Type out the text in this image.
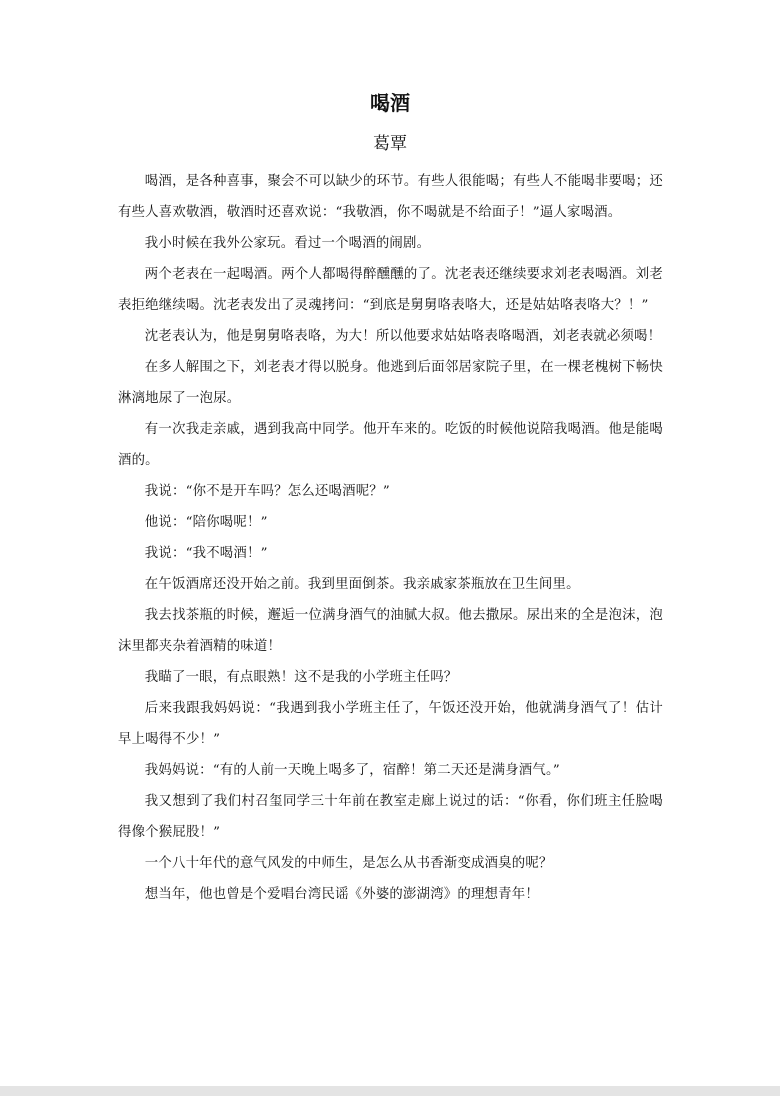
喝酒
葛覃

喝酒，是各种喜事，聚会不可以缺少的环节。有些人很能喝；有些人不能喝非要喝；还有些人喜欢敬酒，敬酒时还喜欢说：“我敬酒，你不喝就是不给面子！”逼人家喝酒。

我小时候在我外公家玩。看过一个喝酒的闹剧。

两个老表在一起喝酒。两个人都喝得醉醺醺的了。沈老表还继续要求刘老表喝酒。刘老表拒绝继续喝。沈老表发出了灵魂拷问：“到底是舅舅咯表咯大，还是姑姑咯表咯大？！”

沈老表认为，他是舅舅咯表咯，为大！所以他要求姑姑咯表咯喝酒，刘老表就必须喝！

在多人解围之下，刘老表才得以脱身。他逃到后面邻居家院子里，在一棵老槐树下畅快淋漓地尿了一泡尿。

有一次我走亲戚，遇到我高中同学。他开车来的。吃饭的时候他说陪我喝酒。他是能喝酒的。

我说：“你不是开车吗？怎么还喝酒呢？”

他说：“陪你喝呢！”

我说：“我不喝酒！”

在午饭酒席还没开始之前。我到里面倒茶。我亲戚家茶瓶放在卫生间里。

我去找茶瓶的时候，邂逅一位满身酒气的油腻大叔。他去撒尿。尿出来的全是泡沫，泡沫里都夹杂着酒精的味道！

我瞄了一眼，有点眼熟！这不是我的小学班主任吗？

后来我跟我妈妈说：“我遇到我小学班主任了，午饭还没开始，他就满身酒气了！估计早上喝得不少！”

我妈妈说：“有的人前一天晚上喝多了，宿醉！第二天还是满身酒气。”

我又想到了我们村召玺同学三十年前在教室走廊上说过的话：“你看，你们班主任脸喝得像个猴屁股！”

一个八十年代的意气风发的中师生，是怎么从书香渐变成酒臭的呢？

想当年，他也曾是个爱唱台湾民谣《外婆的澎湖湾》的理想青年！
